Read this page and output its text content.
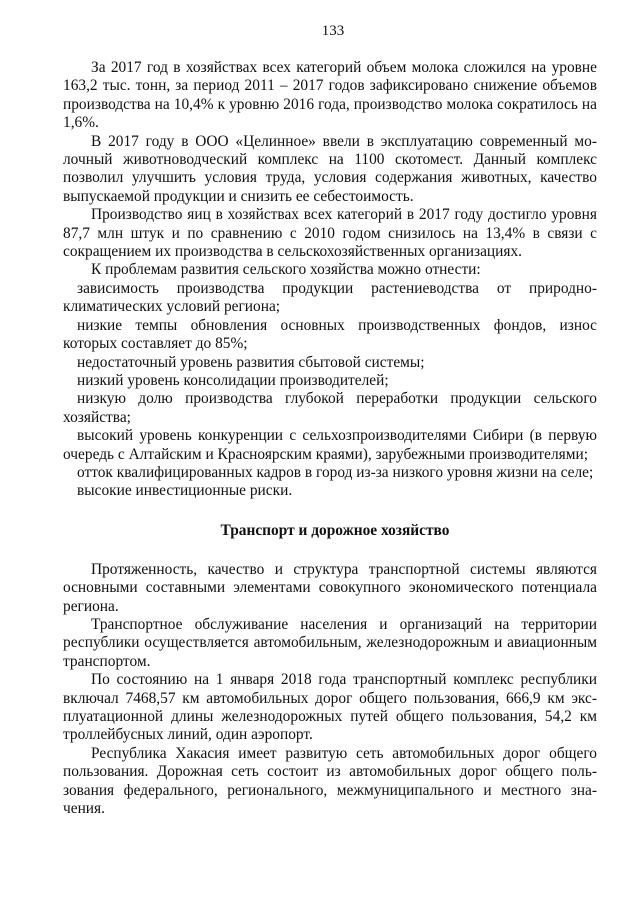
133

За 2017 год в хозяйствах всех категорий объем молока сложился на уровне 163,2 тыс. тонн, за период 2011 – 2017 годов зафиксировано снижение объемов производства на 10,4% к уровню 2016 года, производство молока сократилось на 1,6%.

В 2017 году в ООО «Целинное» ввели в эксплуатацию современный молочный животноводческий комплекс на 1100 скотомест. Данный комплекс позволил улучшить условия труда, условия содержания животных, качество выпускаемой продукции и снизить ее себестоимость.

Производство яиц в хозяйствах всех категорий в 2017 году достигло уровня 87,7 млн штук и по сравнению с 2010 годом снизилось на 13,4% в связи с сокращением их производства в сельскохозяйственных организациях.

К проблемам развития сельского хозяйства можно отнести:

зависимость производства продукции растениеводства от природноклиматических условий региона;

низкие темпы обновления основных производственных фондов, износ которых составляет до 85%;

недостаточный уровень развития сбытовой системы;

низкий уровень консолидации производителей;

низкую долю производства глубокой переработки продукции сельского хозяйства;

высокий уровень конкуренции с сельхозпроизводителями Сибири (в первую очередь с Алтайским и Красноярским краями), зарубежными производителями;

отток квалифицированных кадров в город из-за низкого уровня жизни на селе;

высокие инвестиционные риски.

Транспорт и дорожное хозяйство

Протяженность, качество и структура транспортной системы являются основными составными элементами совокупного экономического потенциала региона.

Транспортное обслуживание населения и организаций на территории республики осуществляется автомобильным, железнодорожным и авиационным транспортом.

По состоянию на 1 января 2018 года транспортный комплекс республики включал 7468,57 км автомобильных дорог общего пользования, 666,9 км эксплуатационной длины железнодорожных путей общего пользования, 54,2 км троллейбусных линий, один аэропорт.

Республика Хакасия имеет развитую сеть автомобильных дорог общего пользования. Дорожная сеть состоит из автомобильных дорог общего пользования федерального, регионального, межмуниципального и местного значения.
